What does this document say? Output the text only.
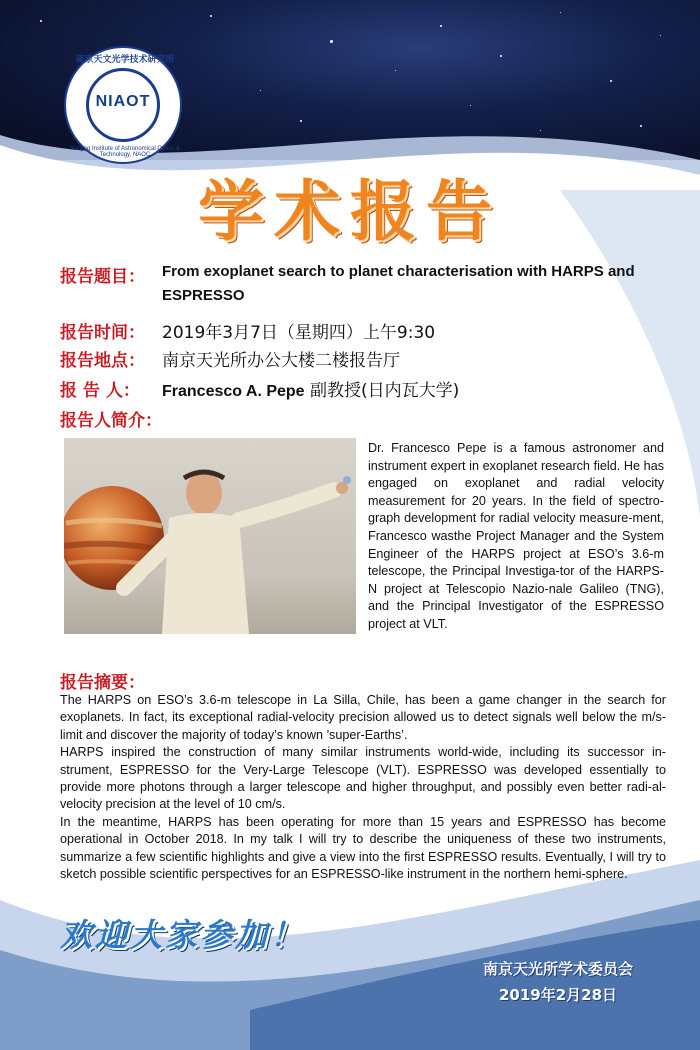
南京天文光学技术研究所
NIAOT
Nanjing Institute of Astronomical Optics & Technology, NAOC
学术报告
报告题目： From exoplanet search to planet characterisation with HARPS and ESPRESSO
报告时间： 2019年3月7日（星期四）上午9:30
报告地点： 南京天光所办公大楼二楼报告厅
报 告 人： Francesco A. Pepe 副教授(日内瓦大学)
报告人简介：
Dr. Francesco Pepe is a famous astronomer and instrument expert in exoplanet research field. He has engaged on exoplanet and radial velocity measurement for 20 years. In the field of spectro-graph development for radial velocity measure-ment, Francesco wasthe Project Manager and the System Engineer of the HARPS project at ESO’s 3.6-m telescope, the Principal Investiga-tor of the HARPS-N project at Telescopio Nazio-nale Galileo (TNG), and the Principal Investigator of the ESPRESSO project at VLT.
报告摘要：

The HARPS on ESO’s 3.6-m telescope in La Silla, Chile, has been a game changer in the search for exoplanets. In fact, its exceptional radial-velocity precision allowed us to detect signals well below the m/s-limit and discover the majority of today’s known ’super-Earths’.

HARPS inspired the construction of many similar instruments world-wide, including its successor in-strument, ESPRESSO for the Very-Large Telescope (VLT). ESPRESSO was developed essentially to provide more photons through a larger telescope and higher throughput, and possibly even better radi-al-velocity precision at the level of 10 cm/s.

In the meantime, HARPS has been operating for more than 15 years and ESPRESSO has become operational in October 2018. In my talk I will try to describe the uniqueness of these two instruments, summarize a few scientific highlights and give a view into the first ESPRESSO results. Eventually, I will try to sketch possible scientific perspectives for an ESPRESSO-like instrument in the northern hemi-sphere.

欢迎大家参加！
南京天光所学术委员会
2019年2月28日
